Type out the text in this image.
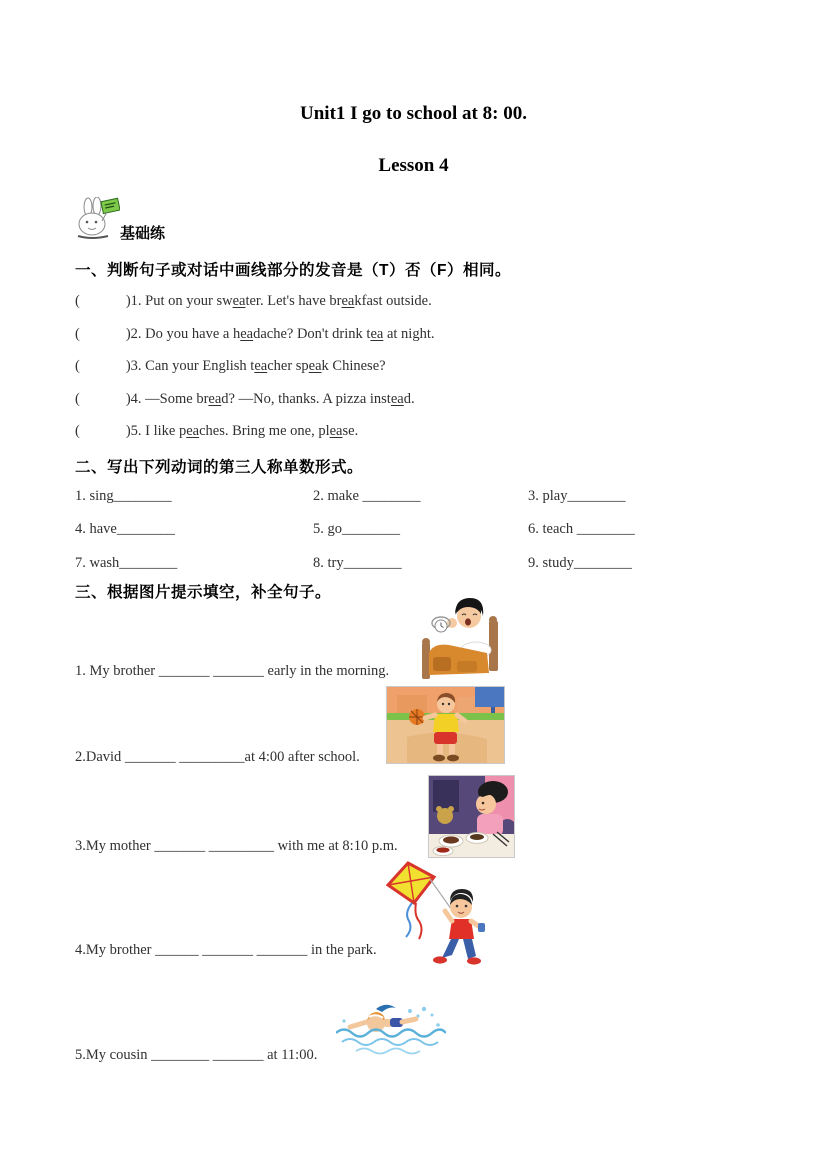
Unit1 I go to school at 8: 00.
Lesson 4
基础练
一、判断句子或对话中画线部分的发音是（T）否（F）相同。
(	)1. Put on your sweater. Let's have breakfast outside.
(	)2. Do you have a headache? Don't drink tea at night.
(	)3. Can your English teacher speak Chinese?
(	)4. —Some bread? —No, thanks. A pizza instead.
(	)5. I like peaches. Bring me one, please.
二、写出下列动词的第三人称单数形式。
1. sing________	2. make ________	3. play________
4. have________	5. go________	6. teach ________
7. wash________	8. try________	9. study________
三、根据图片提示填空，补全句子。
1. My brother _______ _______ early in the morning.
2.David _______ _________at 4:00 after school.
3.My mother _______ _________ with me at 8:10 p.m.
4.My brother ______ _______ _______ in the park.
5.My cousin ________ _______ at 11:00.
